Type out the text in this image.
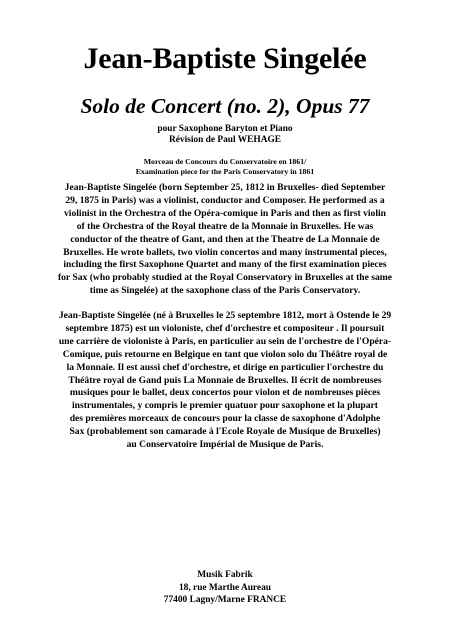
Jean-Baptiste Singelée
Solo de Concert (no. 2), Opus 77
pour Saxophone Baryton et Piano
Révision de Paul WEHAGE
Morceau de Concours du Conservatoire en 1861/
Examination piece for the Paris Conservatory in 1861

Jean-Baptiste Singelée (born September 25, 1812 in Bruxelles- died September
29, 1875 in Paris) was a violinist, conductor and Composer. He performed as a
violinist in the Orchestra of the Opéra-comique in Paris and then as first violin
of the Orchestra of the Royal theatre de la Monnaie in Bruxelles. He was
conductor of the theatre of Gant, and then at the Theatre de La Monnaie de
Bruxelles. He wrote ballets, two violin concertos and many instrumental pieces,
including the first Saxophone Quartet and many of the first examination pieces
for Sax (who probably studied at the Royal Conservatory in Bruxelles at the same
time as Singelée) at the saxophone class of the Paris Conservatory.

Jean-Baptiste Singelée (né à Bruxelles le 25 septembre 1812, mort à Ostende le 29
septembre 1875) est un violoniste, chef d'orchestre et compositeur . Il poursuit
une carrière de violoniste à Paris, en particulier au sein de l'orchestre de l'Opéra-
Comique, puis retourne en Belgique en tant que violon solo du Théâtre royal de
la Monnaie. Il est aussi chef d'orchestre, et dirige en particulier l'orchestre du
Théâtre royal de Gand puis La Monnaie de Bruxelles. Il écrit de nombreuses
musiques pour le ballet, deux concertos pour violon et de nombreuses pièces
instrumentales, y compris le premier quatuor pour saxophone et la plupart
des premières morceaux de concours pour la classe de saxophone d'Adolphe
Sax (probablement son camarade à l'Ecole Royale de Musique de Bruxelles)
au Conservatoire Impérial de Musique de Paris.

Musik Fabrik
18, rue Marthe Aureau
77400 Lagny/Marne FRANCE
